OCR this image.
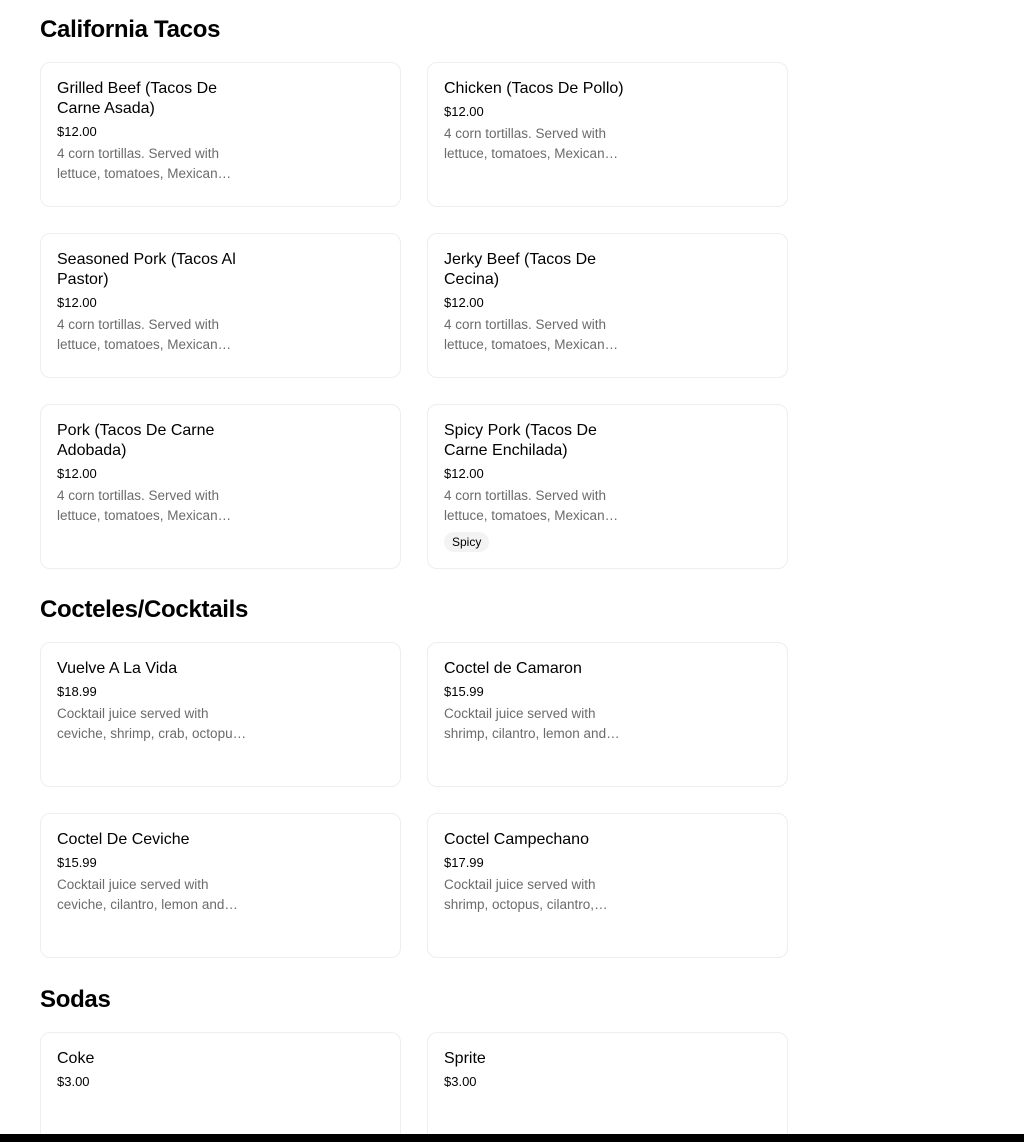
California Tacos
Grilled Beef (Tacos De Carne Asada)
$12.00
4 corn tortillas. Served with lettuce, tomatoes, Mexican
Chicken (Tacos De Pollo)
$12.00
4 corn tortillas. Served with lettuce, tomatoes, Mexican
Seasoned Pork (Tacos Al Pastor)
$12.00
4 corn tortillas. Served with lettuce, tomatoes, Mexican
Jerky Beef (Tacos De Cecina)
$12.00
4 corn tortillas. Served with lettuce, tomatoes, Mexican
Pork (Tacos De Carne Adobada)
$12.00
4 corn tortillas. Served with lettuce, tomatoes, Mexican
Spicy Pork (Tacos De Carne Enchilada)
$12.00
4 corn tortillas. Served with lettuce, tomatoes, Mexican
Spicy
Cocteles/Cocktails
Vuelve A La Vida
$18.99
Cocktail juice served with ceviche, shrimp, crab, octopus
Coctel de Camaron
$15.99
Cocktail juice served with shrimp, cilantro, lemon and
Coctel De Ceviche
$15.99
Cocktail juice served with ceviche, cilantro, lemon and
Coctel Campechano
$17.99
Cocktail juice served with shrimp, octopus, cilantro,
Sodas
Coke
$3.00
Sprite
$3.00
